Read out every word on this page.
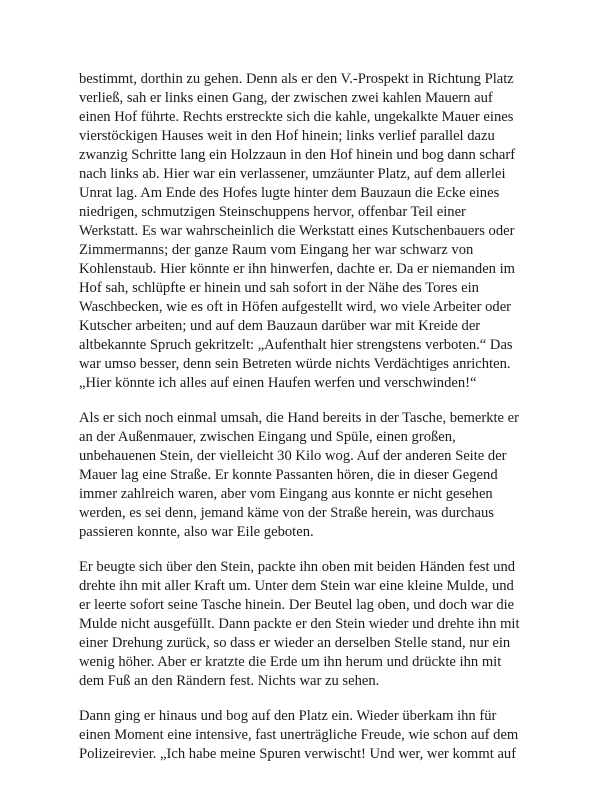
bestimmt, dorthin zu gehen. Denn als er den V.-Prospekt in Richtung Platz
verließ, sah er links einen Gang, der zwischen zwei kahlen Mauern auf
einen Hof führte. Rechts erstreckte sich die kahle, ungekalkte Mauer eines
vierstöckigen Hauses weit in den Hof hinein; links verlief parallel dazu
zwanzig Schritte lang ein Holzzaun in den Hof hinein und bog dann scharf
nach links ab. Hier war ein verlassener, umzäunter Platz, auf dem allerlei
Unrat lag. Am Ende des Hofes lugte hinter dem Bauzaun die Ecke eines
niedrigen, schmutzigen Steinschuppens hervor, offenbar Teil einer
Werkstatt. Es war wahrscheinlich die Werkstatt eines Kutschenbauers oder
Zimmermanns; der ganze Raum vom Eingang her war schwarz von
Kohlenstaub. Hier könnte er ihn hinwerfen, dachte er. Da er niemanden im
Hof sah, schlüpfte er hinein und sah sofort in der Nähe des Tores ein
Waschbecken, wie es oft in Höfen aufgestellt wird, wo viele Arbeiter oder
Kutscher arbeiten; und auf dem Bauzaun darüber war mit Kreide der
altbekannte Spruch gekritzelt: „Aufenthalt hier strengstens verboten.“ Das
war umso besser, denn sein Betreten würde nichts Verdächtiges anrichten.
„Hier könnte ich alles auf einen Haufen werfen und verschwinden!“
Als er sich noch einmal umsah, die Hand bereits in der Tasche, bemerkte er
an der Außenmauer, zwischen Eingang und Spüle, einen großen,
unbehauenen Stein, der vielleicht 30 Kilo wog. Auf der anderen Seite der
Mauer lag eine Straße. Er konnte Passanten hören, die in dieser Gegend
immer zahlreich waren, aber vom Eingang aus konnte er nicht gesehen
werden, es sei denn, jemand käme von der Straße herein, was durchaus
passieren konnte, also war Eile geboten.
Er beugte sich über den Stein, packte ihn oben mit beiden Händen fest und
drehte ihn mit aller Kraft um. Unter dem Stein war eine kleine Mulde, und
er leerte sofort seine Tasche hinein. Der Beutel lag oben, und doch war die
Mulde nicht ausgefüllt. Dann packte er den Stein wieder und drehte ihn mit
einer Drehung zurück, so dass er wieder an derselben Stelle stand, nur ein
wenig höher. Aber er kratzte die Erde um ihn herum und drückte ihn mit
dem Fuß an den Rändern fest. Nichts war zu sehen.
Dann ging er hinaus und bog auf den Platz ein. Wieder überkam ihn für
einen Moment eine intensive, fast unerträgliche Freude, wie schon auf dem
Polizeirevier. „Ich habe meine Spuren verwischt! Und wer, wer kommt auf
